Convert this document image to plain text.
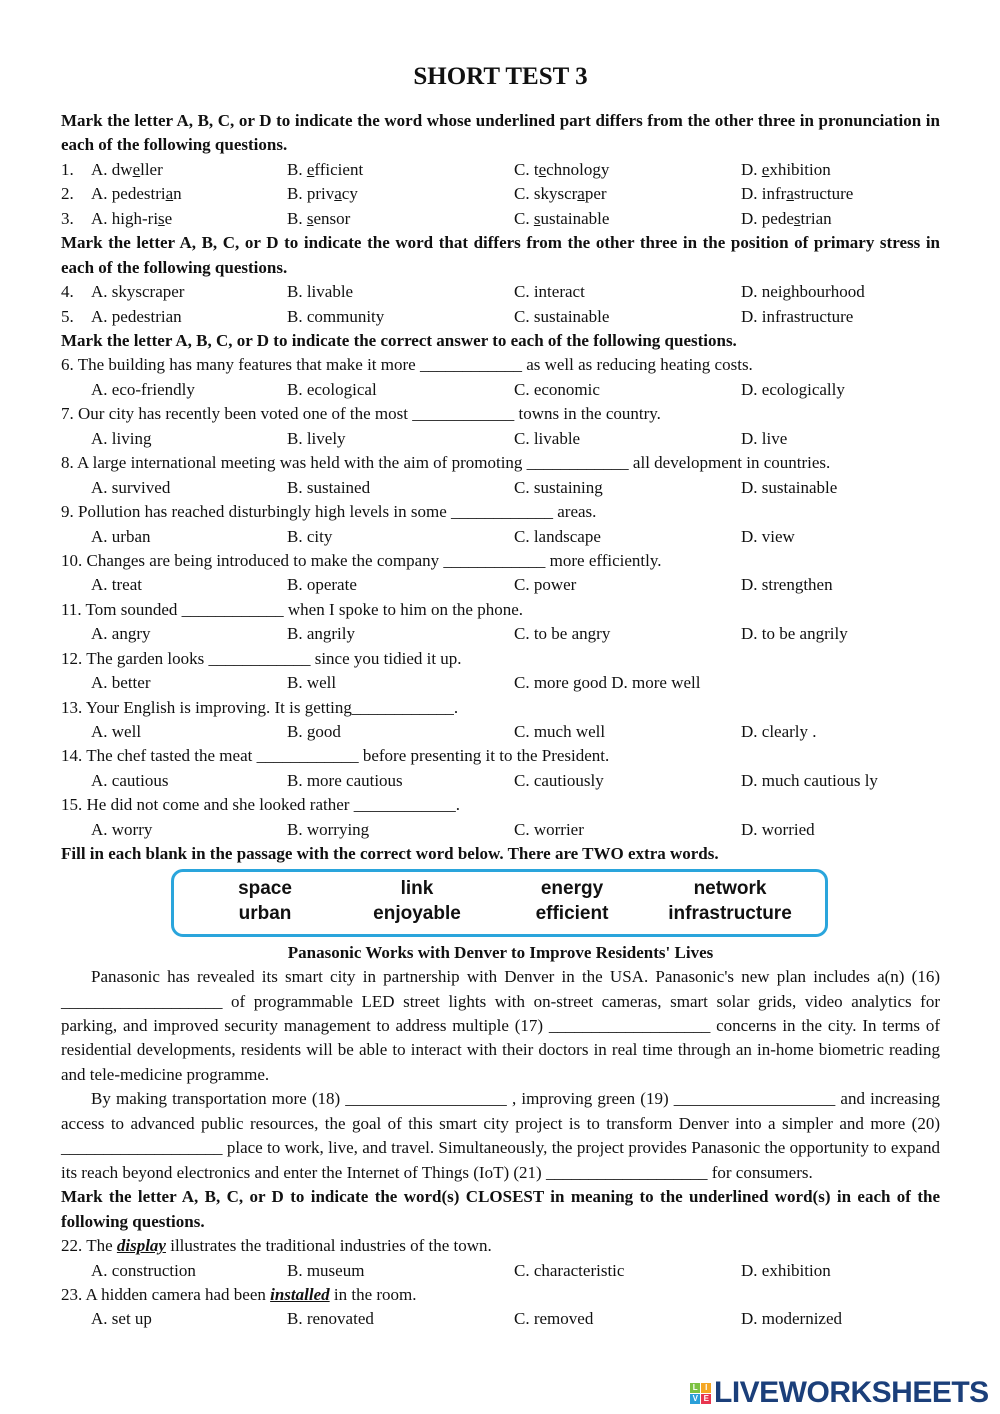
SHORT TEST 3
Mark the letter A, B, C, or D to indicate the word whose underlined part differs from the other three in pronunciation in each of the following questions.
1. A. dweller	B. efficient	C. technology	D. exhibition
2. A. pedestrian	B. privacy	C. skyscraper	D. infrastructure
3. A. high-rise	B. sensor	C. sustainable	D. pedestrian
Mark the letter A, B, C, or D to indicate the word that differs from the other three in the position of primary stress in each of the following questions.
4. A. skyscraper	B. livable	C. interact	D. neighbourhood
5. A. pedestrian	B. community	C. sustainable	D. infrastructure
Mark the letter A, B, C, or D to indicate the correct answer to each of the following questions.
6. The building has many features that make it more ____________ as well as reducing heating costs.
A. eco-friendly	B. ecological	C. economic	D. ecologically
7. Our city has recently been voted one of the most ____________ towns in the country.
A. living	B. lively	C. livable	D. live
8. A large international meeting was held with the aim of promoting ____________ all development in countries.
A. survived	B. sustained	C. sustaining	D. sustainable
9. Pollution has reached disturbingly high levels in some ____________ areas.
A. urban	B. city	C. landscape	D. view
10. Changes are being introduced to make the company ____________ more efficiently.
A. treat	B. operate	C. power	D. strengthen
11. Tom sounded ____________ when I spoke to him on the phone.
A. angry	B. angrily	C. to be angry	D. to be angrily
12. The garden looks ____________ since you tidied it up.
A. better	B. well	C. more good D. more well
13. Your English is improving. It is getting____________.
A. well	B. good	C. much well	D. clearly .
14. The chef tasted the meat ____________ before presenting it to the President.
A. cautious	B. more cautious	C. cautiously	D. much cautious ly
15. He did not come and she looked rather ____________.
A. worry	B. worrying	C. worrier	D. worried
Fill in each blank in the passage with the correct word below. There are TWO extra words.
space	link	energy	network
urban	enjoyable	efficient	infrastructure
Panasonic Works with Denver to Improve Residents' Lives
Panasonic has revealed its smart city in partnership with Denver in the USA. Panasonic's new plan includes a(n) (16) ___________________ of programmable LED street lights with on-street cameras, smart solar grids, video analytics for parking, and improved security management to address multiple (17) ___________________ concerns in the city. In terms of residential developments, residents will be able to interact with their doctors in real time through an in-home biometric reading and tele-medicine programme.
By making transportation more (18) ___________________ , improving green (19) ___________________ and increasing access to advanced public resources, the goal of this smart city project is to transform Denver into a simpler and more (20) ___________________ place to work, live, and travel. Simultaneously, the project provides Panasonic the opportunity to expand its reach beyond electronics and enter the Internet of Things (IoT) (21) ___________________ for consumers.
Mark the letter A, B, C, or D to indicate the word(s) CLOSEST in meaning to the underlined word(s) in each of the following questions.
22. The display illustrates the traditional industries of the town.
A. construction	B. museum	C. characteristic	D. exhibition
23. A hidden camera had been installed in the room.
A. set up	B. renovated	C. removed	D. modernized
L I
V E LIVEWORKSHEETS
